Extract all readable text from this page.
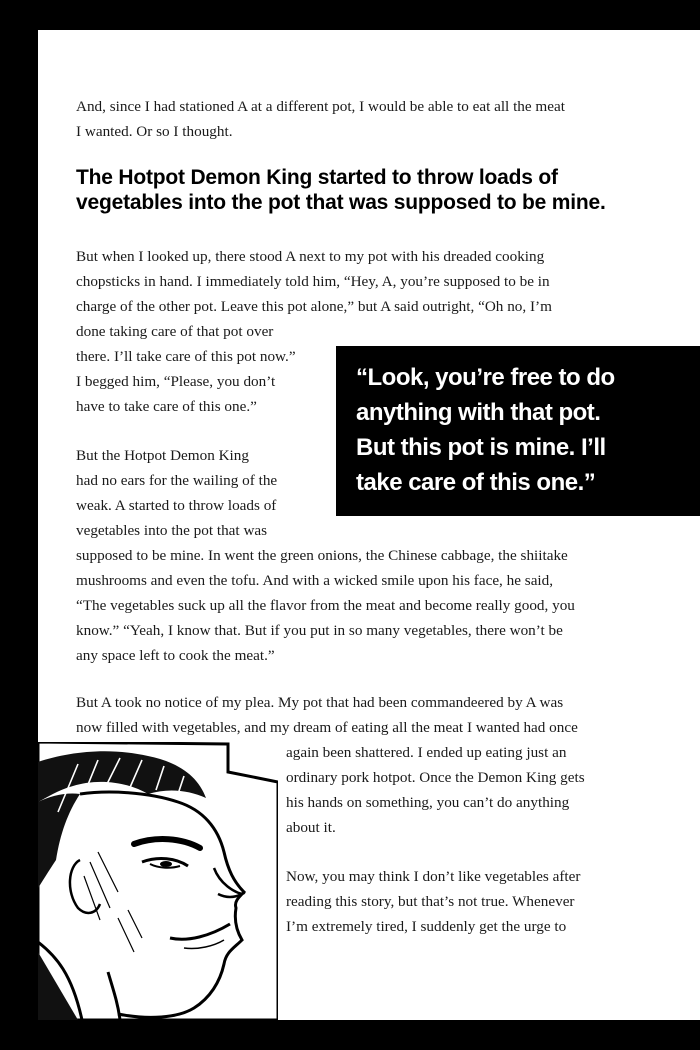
And, since I had stationed A at a different pot, I would be able to eat all the meat
I wanted. Or so I thought.
The Hotpot Demon King started to throw loads of
vegetables into the pot that was supposed to be mine.
But when I looked up, there stood A next to my pot with his dreaded cooking
chopsticks in hand. I immediately told him, “Hey, A, you’re supposed to be in
charge of the other pot. Leave this pot alone,” but A said outright, “Oh no, I’m
done taking care of that pot over
there. I’ll take care of this pot now.”
I begged him, “Please, you don’t
have to take care of this one.”

“Look, you’re free to do
anything with that pot.
But this pot is mine. I’ll
take care of this one.”

But the Hotpot Demon King
had no ears for the wailing of the
weak. A started to throw loads of
vegetables into the pot that was
supposed to be mine. In went the green onions, the Chinese cabbage, the shiitake
mushrooms and even the tofu. And with a wicked smile upon his face, he said,
“The vegetables suck up all the flavor from the meat and become really good, you
know.” “Yeah, I know that. But if you put in so many vegetables, there won’t be
any space left to cook the meat.”
But A took no notice of my plea. My pot that had been commandeered by A was
now filled with vegetables, and my dream of eating all the meat I wanted had once
again been shattered. I ended up eating just an
ordinary pork hotpot. Once the Demon King gets
his hands on something, you can’t do anything
about it.
Now, you may think I don’t like vegetables after
reading this story, but that’s not true. Whenever
I’m extremely tired, I suddenly get the urge to
